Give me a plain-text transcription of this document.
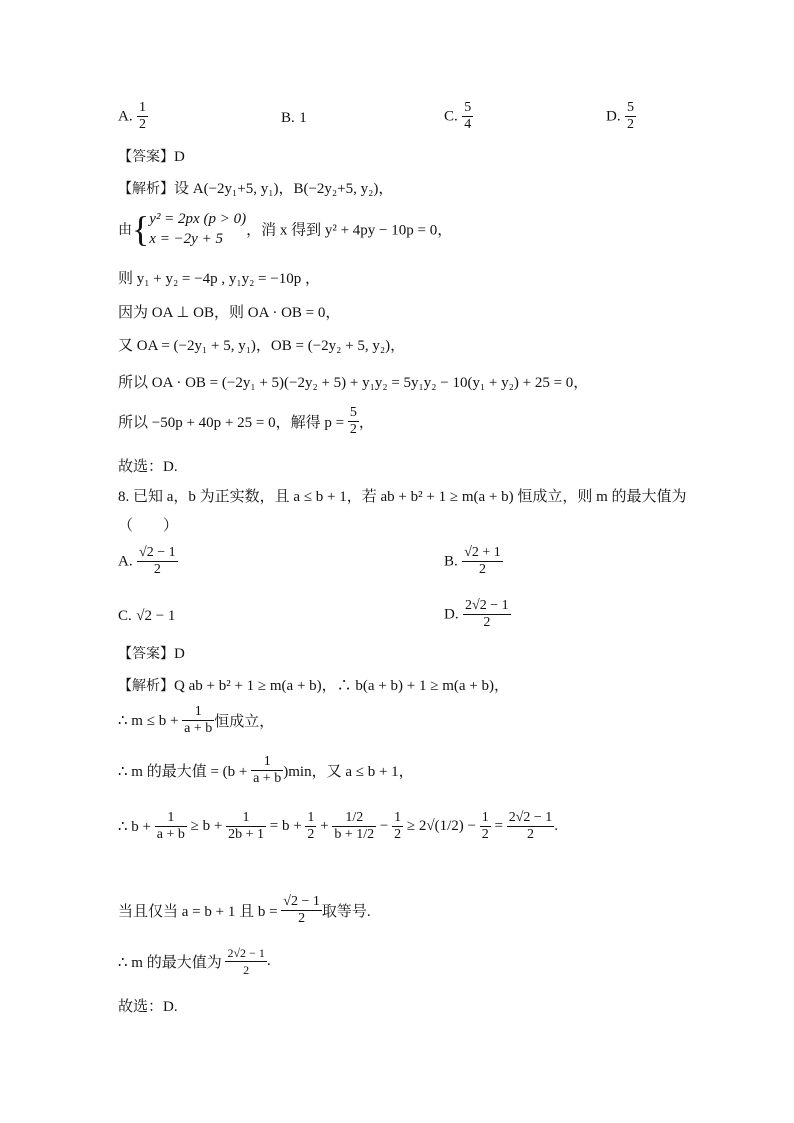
A. $\frac{1}{2}$	B. 1	C. $\frac{5}{4}$	D. $\frac{5}{2}$
【答案】D
【解析】设 A(−2y₁+5, y₁)，B(−2y₂+5, y₂)，
由{ y² = 2px (p > 0)
x = −2y + 5
，消 x 得到 y² + 4py − 10p = 0，
则 y₁ + y₂ = −4p , y₁y₂ = −10p ，
因为 OA ⊥ OB，则 OA · OB = 0，
又 OA = (−2y₁ + 5, y₁)，OB = (−2y₂ + 5, y₂)，
所以 OA · OB = (−2y₁ + 5)(−2y₂ + 5) + y₁y₂ = 5y₁y₂ − 10(y₁ + y₂) + 25 = 0，
所以 −50p + 40p + 25 = 0，解得 $p = \frac{5}{2}$ ，
故选：D.
8. 已知 a，b 为正实数，且 a ≤ b + 1，若 ab + b² + 1 ≥ m(a + b) 恒成立，则 m 的最大值为
（　　）
A. $\frac{√2 - 1}{2}$	B. $\frac{√2 + 1}{2}$
C. √2 − 1	D. $\frac{2√2 - 1}{2}$
【答案】D
【解析】Q ab + b² + 1 ≥ m(a + b)，∴ b(a + b) + 1 ≥ m(a + b)，
∴ $m \le b + \frac{1}{a + b}$ 恒成立，
∴ m 的最大值 = $(b + \frac{1}{a + b} )\min$，又 a ≤ b + 1，
∴ $b + \frac{1}{a + b} \ge b + \frac{1}{2b + 1} = b + \frac{1}{2} + \frac{1/2}{b + 1/2} - \frac{1}{2} \ge 2√(1/2) - \frac{1}{2} = \frac{2√2 - 1}{2}$ .
当且仅当 a = b + 1 且 $b = \frac{√2 - 1}{2}$ 取等号.
∴ m 的最大值为 $\frac{2√2 - 1}{2}$ .
故选：D.
